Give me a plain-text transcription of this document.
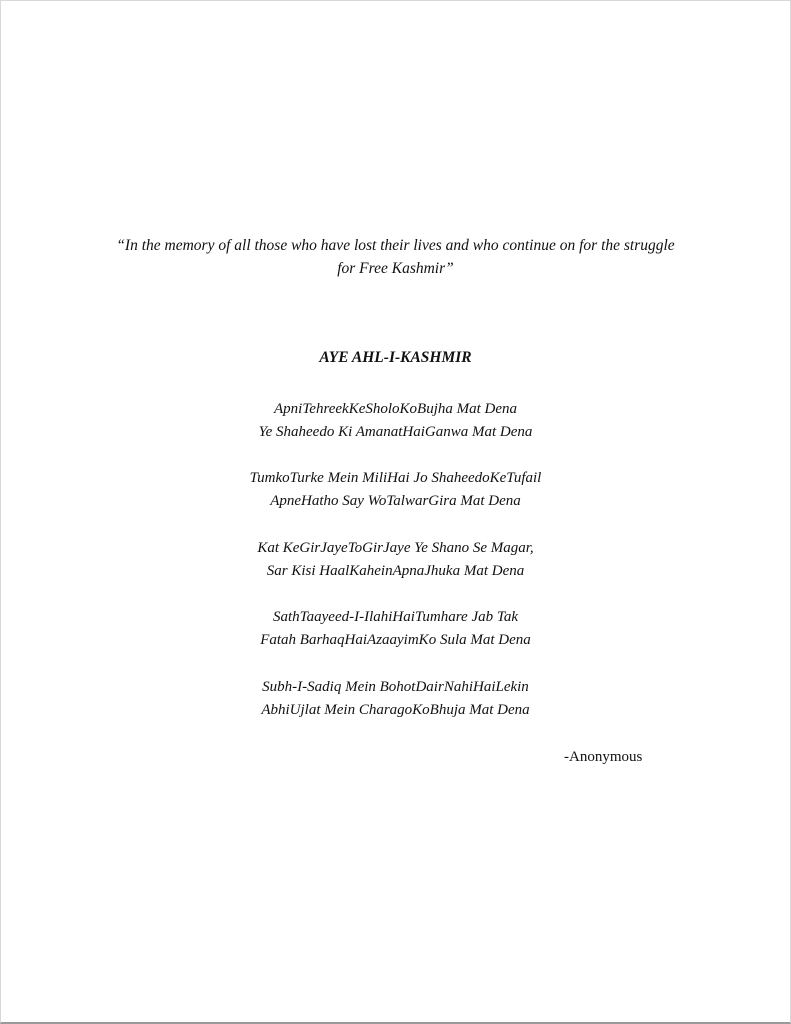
“In the memory of all those who have lost their lives and who continue on for the struggle
for Free Kashmir”
AYE AHL-I-KASHMIR
ApniTehreekKeSholoKoBujha Mat Dena
Ye Shaheedo Ki AmanatHaiGanwa Mat Dena
TumkoTurke Mein MiliHai Jo ShaheedoKeTufail
ApneHatho Say WoTalwarGira Mat Dena
Kat KeGirJayeToGirJaye Ye Shano Se Magar,
Sar Kisi HaalKaheinApnaJhuka Mat Dena
SathTaayeed-I-IlahiHaiTumhare Jab Tak
Fatah BarhaqHaiAzaayimKo Sula Mat Dena
Subh-I-Sadiq Mein BohotDairNahiHaiLekin
AbhiUjlat Mein CharagoKoBhuja Mat Dena
-Anonymous
